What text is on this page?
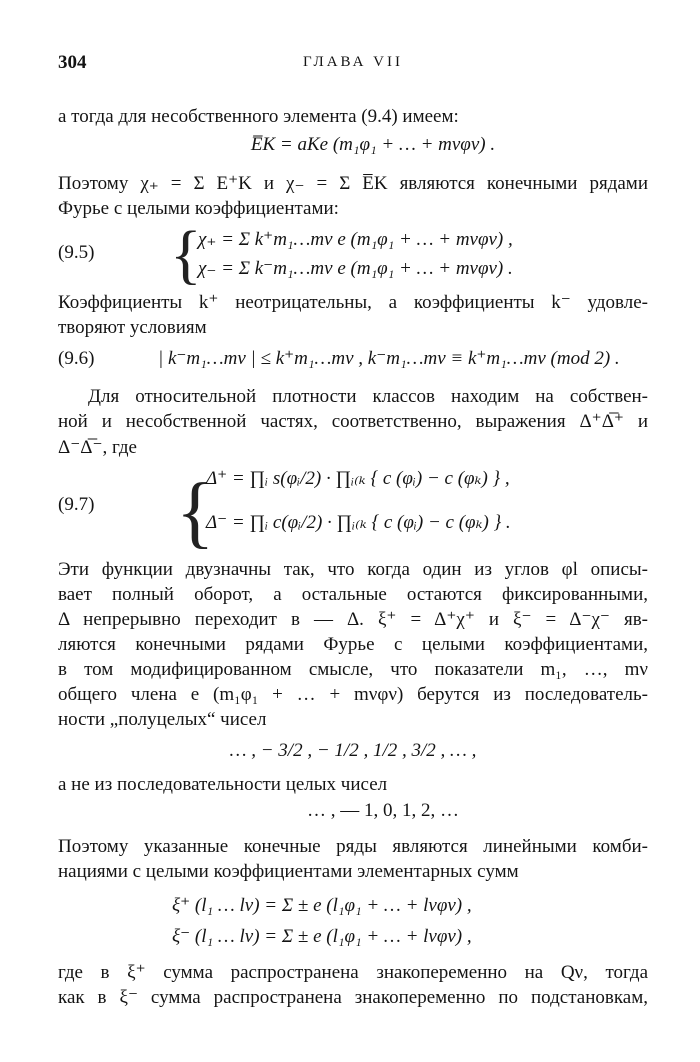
304	ГЛАВА VII
а тогда для несобственного элемента (9.4) имеем:
E̅K = aKe (m₁φ₁ + … + mνφν) .
Поэтому χ₊ = Σ E⁺K и χ₋ = Σ E̅K являются конечными рядами
Фурье с целыми коэффициентами:
(9.5) {
χ₊ = Σ k⁺m₁…mν e (m₁φ₁ + … + mνφν) ,
χ₋ = Σ k⁻m₁…mν e (m₁φ₁ + … + mνφν) .
Коэффициенты k⁺ неотрицательны, а коэффициенты k⁻ удовле-
творяют условиям
(9.6)	| k⁻m₁…mν | ≤ k⁺m₁…mν , k⁻m₁…mν ≡ k⁺m₁…mν (mod 2) .
Для относительной плотности классов находим на собствен-
ной и несобственной частях, соответственно, выражения Δ⁺Δ̅⁺ и
Δ⁻Δ̅⁻, где
(9.7) {
Δ⁺ = ∏ᵢ s(φᵢ/2) · ∏ᵢ₍ₖ { c (φᵢ) − c (φₖ) } ,
Δ⁻ = ∏ᵢ c(φᵢ/2) · ∏ᵢ₍ₖ { c (φᵢ) − c (φₖ) } .
Эти функции двузначны так, что когда один из углов φl описы-
вает полный оборот, а остальные остаются фиксированными,
Δ непрерывно переходит в — Δ. ξ⁺ = Δ⁺χ⁺ и ξ⁻ = Δ⁻χ⁻ яв-
ляются конечными рядами Фурье с целыми коэффициентами,
в том модифицированном смысле, что показатели m₁, …, mν
общего члена e (m₁φ₁ + … + mνφν) берутся из последователь-
ности „полуцелых“ чисел
… , − 3/2 , − 1/2 , 1/2 , 3/2 , … ,
а не из последовательности целых чисел
… , — 1, 0, 1, 2, …
Поэтому указанные конечные ряды являются линейными комби-
нациями с целыми коэффициентами элементарных сумм
ξ⁺ (l₁ … lν) = Σ ± e (l₁φ₁ + … + lνφν) ,
ξ⁻ (l₁ … lν) = Σ ± e (l₁φ₁ + … + lνφν) ,
где в ξ⁺ сумма распространена знакопеременно на Qν, тогда
как в ξ⁻ сумма распространена знакопеременно по подстановкам,
